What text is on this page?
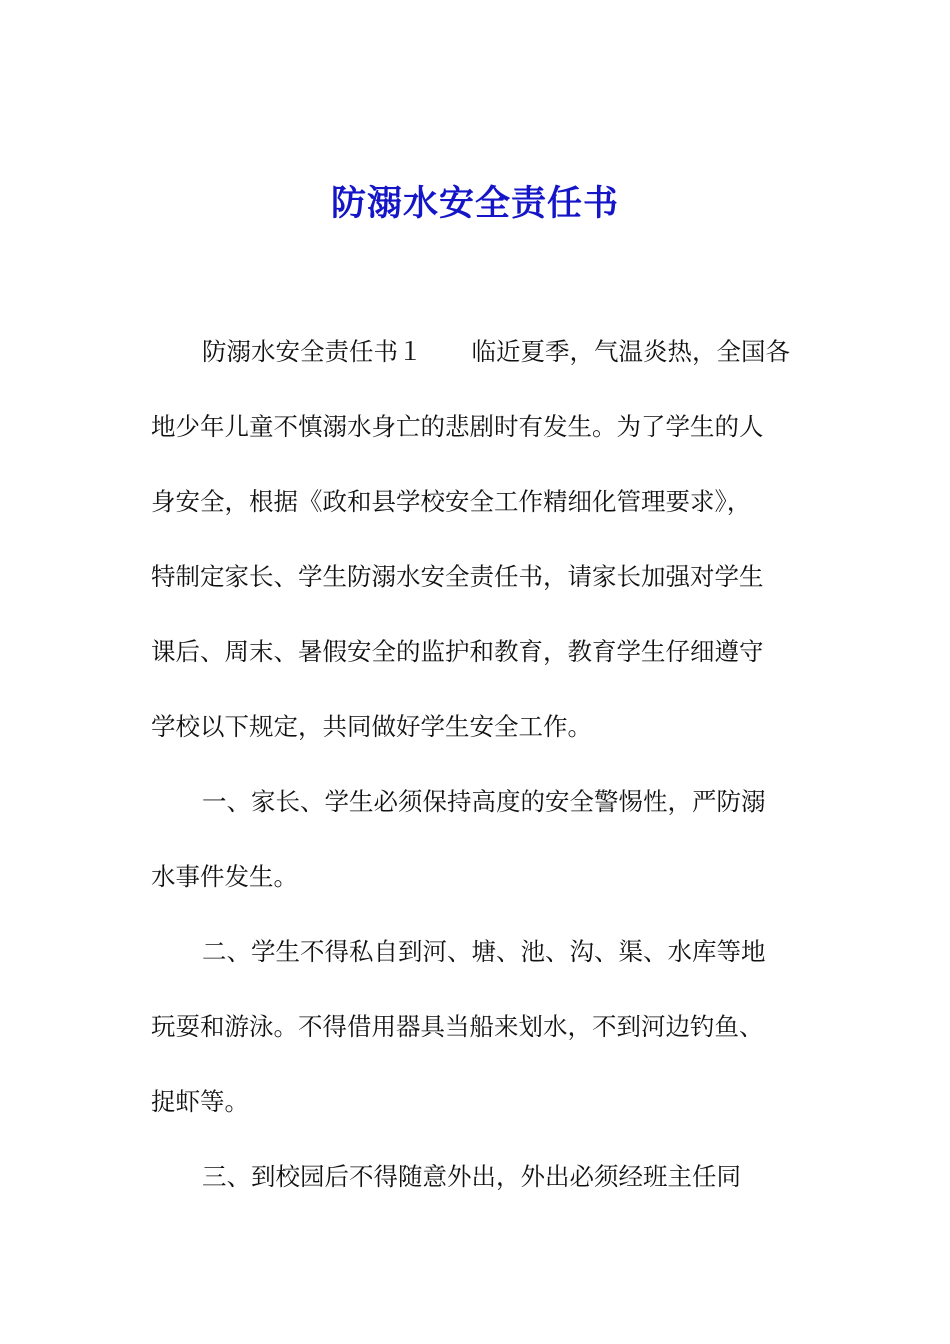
防溺水安全责任书
防溺水安全责任书１　　临近夏季，气温炎热，全国各
地少年儿童不慎溺水身亡的悲剧时有发生。为了学生的人
身安全，根据《政和县学校安全工作精细化管理要求》，
特制定家长、学生防溺水安全责任书，请家长加强对学生
课后、周末、暑假安全的监护和教育，教育学生仔细遵守
学校以下规定，共同做好学生安全工作。
一、家长、学生必须保持高度的安全警惕性，严防溺
水事件发生。
二、学生不得私自到河、塘、池、沟、渠、水库等地
玩耍和游泳。不得借用器具当船来划水，不到河边钓鱼、
捉虾等。
三、到校园后不得随意外出，外出必须经班主任同
